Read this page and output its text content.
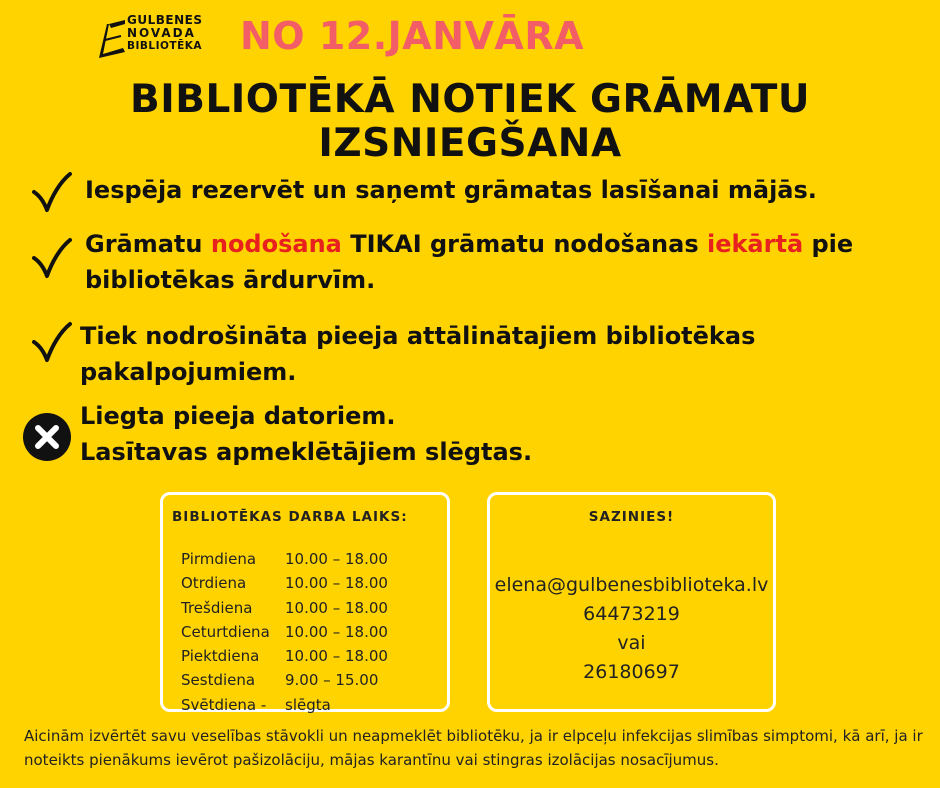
GULBENES
NOVADA
BIBLIOTĒKA NO 12.JANVĀRA
BIBLIOTĒKĀ NOTIEK GRĀMATU
IZSNIEGŠANA
Iespēja rezervēt un saņemt grāmatas lasīšanai mājās.
Grāmatu nodošana TIKAI grāmatu nodošanas iekārtā pie
bibliotēkas ārdurvīm.
Tiek nodrošināta pieeja attālinātajiem bibliotēkas
pakalpojumiem.
Liegta pieeja datoriem.
Lasītavas apmeklētājiem slēgtas.
BIBLIOTĒKAS DARBA LAIKS:
Pirmdiena	10.00 – 18.00
Otrdiena	10.00 – 18.00
Trešdiena	10.00 – 18.00
Ceturtdiena	10.00 – 18.00
Piektdiena	10.00 – 18.00
Sestdiena	9.00 – 15.00
Svētdiena -	slēgta
SAZINIES!
elena@gulbenesbiblioteka.lv
64473219
vai
26180697
Aicinām izvērtēt savu veselības stāvokli un neapmeklēt bibliotēku, ja ir elpceļu infekcijas slimības simptomi, kā arī, ja ir noteikts pienākums ievērot pašizolāciju, mājas karantīnu vai stingras izolācijas nosacījumus.
